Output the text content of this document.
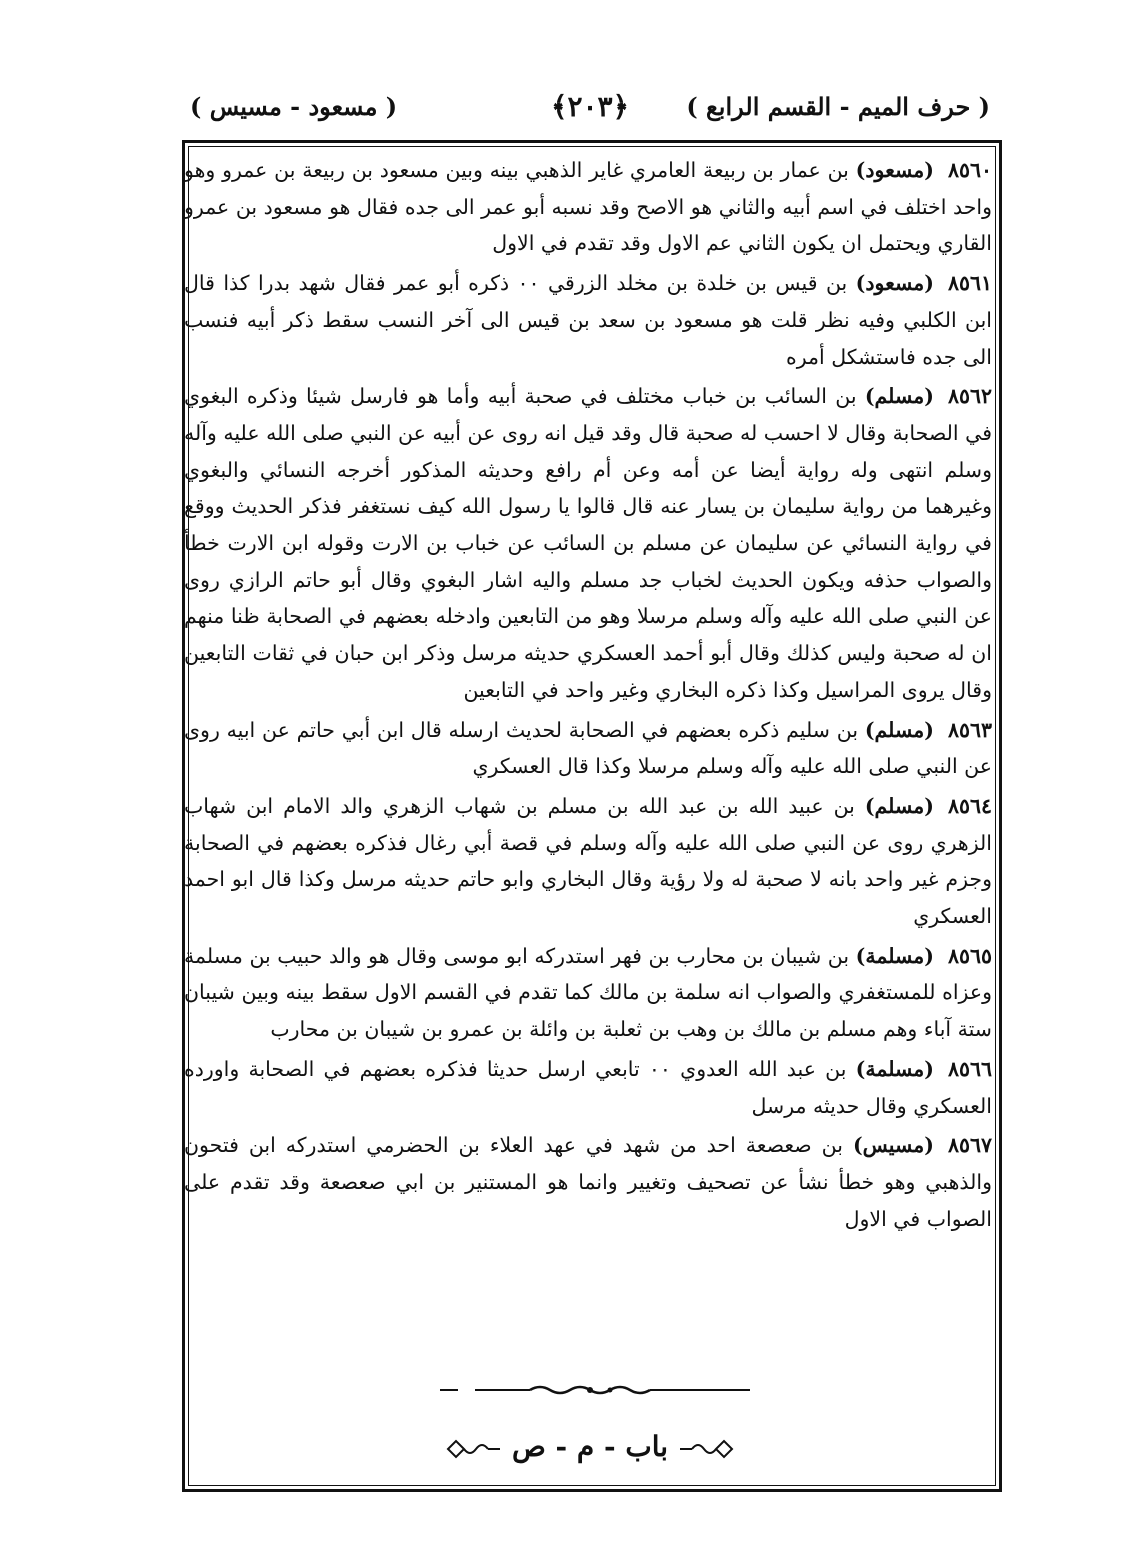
( حرف الميم - القسم الرابع )
﴿٢٠٣﴾
( مسعود - مسيس )

٨٥٦٠(مسعود) بن عمار بن ربيعة العامري غاير الذهبي بينه وبين مسعود بن ربيعة بن عمرو وهو واحد اختلف في اسم أبيه والثاني هو الاصح وقد نسبه أبو عمر الى جده فقال هو مسعود بن عمرو القاري ويحتمل ان يكون الثاني عم الاول وقد تقدم في الاول

٨٥٦١(مسعود) بن قيس بن خلدة بن مخلد الزرقي ٠٠ ذكره أبو عمر فقال شهد بدرا كذا قال ابن الكلبي وفيه نظر قلت هو مسعود بن سعد بن قيس الى آخر النسب سقط ذكر أبيه فنسب الى جده فاستشكل أمره

٨٥٦٢(مسلم) بن السائب بن خباب مختلف في صحبة أبيه وأما هو فارسل شيئا وذكره البغوي في الصحابة وقال لا احسب له صحبة قال وقد قيل انه روى عن أبيه عن النبي صلى الله عليه وآله وسلم انتهى وله رواية أيضا عن أمه وعن أم رافع وحديثه المذكور أخرجه النسائي والبغوي وغيرهما من رواية سليمان بن يسار عنه قال قالوا يا رسول الله كيف نستغفر فذكر الحديث ووقع في رواية النسائي عن سليمان عن مسلم بن السائب عن خباب بن الارت وقوله ابن الارت خطأ والصواب حذفه ويكون الحديث لخباب جد مسلم واليه اشار البغوي وقال أبو حاتم الرازي روى عن النبي صلى الله عليه وآله وسلم مرسلا وهو من التابعين وادخله بعضهم في الصحابة ظنا منهم ان له صحبة وليس كذلك وقال أبو أحمد العسكري حديثه مرسل وذكر ابن حبان في ثقات التابعين وقال يروى المراسيل وكذا ذكره البخاري وغير واحد في التابعين

٨٥٦٣(مسلم) بن سليم ذكره بعضهم في الصحابة لحديث ارسله قال ابن أبي حاتم عن ابيه روى عن النبي صلى الله عليه وآله وسلم مرسلا وكذا قال العسكري

٨٥٦٤(مسلم) بن عبيد الله بن عبد الله بن مسلم بن شهاب الزهري والد الامام ابن شهاب الزهري روى عن النبي صلى الله عليه وآله وسلم في قصة أبي رغال فذكره بعضهم في الصحابة وجزم غير واحد بانه لا صحبة له ولا رؤية وقال البخاري وابو حاتم حديثه مرسل وكذا قال ابو احمد العسكري

٨٥٦٥(مسلمة) بن شيبان بن محارب بن فهر استدركه ابو موسى وقال هو والد حبيب بن مسلمة وعزاه للمستغفري والصواب انه سلمة بن مالك كما تقدم في القسم الاول سقط بينه وبين شيبان ستة آباء وهم مسلم بن مالك بن وهب بن ثعلبة بن وائلة بن عمرو بن شيبان بن محارب

٨٥٦٦(مسلمة) بن عبد الله العدوي ٠٠ تابعي ارسل حديثا فذكره بعضهم في الصحابة واورده العسكري وقال حديثه مرسل

٨٥٦٧(مسيس) بن صعصعة احد من شهد في عهد العلاء بن الحضرمي استدركه ابن فتحون والذهبي وهو خطأ نشأ عن تصحيف وتغيير وانما هو المستنير بن ابي صعصعة وقد تقدم على الصواب في الاول

باب - م - ص
